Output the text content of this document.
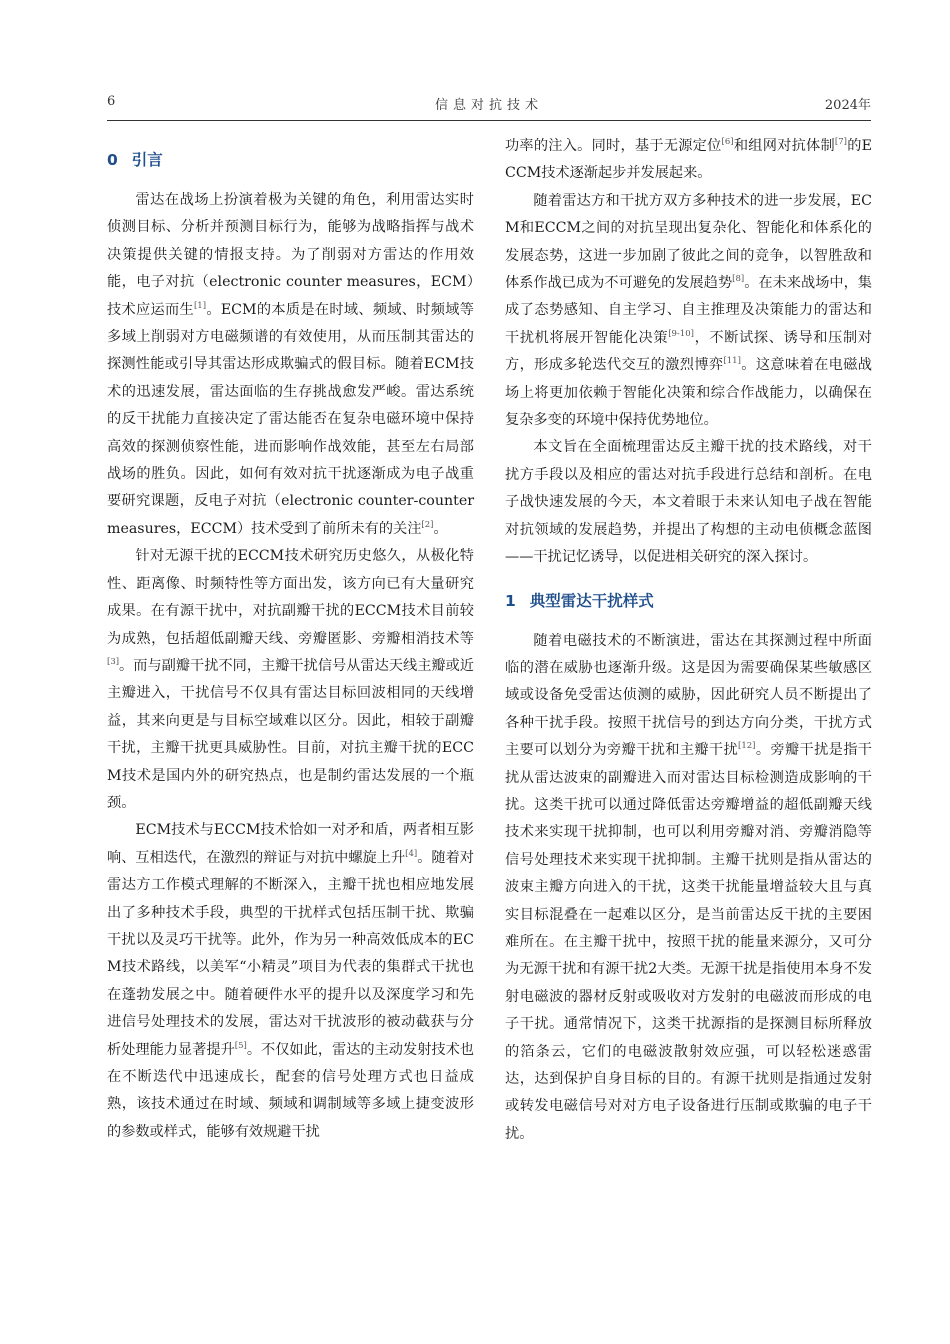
6	信息对抗技术	2024年
0 引言

雷达在战场上扮演着极为关键的角色，利用雷达实时侦测目标、分析并预测目标行为，能够为战略指挥与战术决策提供关键的情报支持。为了削弱对方雷达的作用效能，电子对抗（electronic counter measures，ECM）技术应运而生[1]。ECM的本质是在时域、频域、时频域等多域上削弱对方电磁频谱的有效使用，从而压制其雷达的探测性能或引导其雷达形成欺骗式的假目标。随着ECM技术的迅速发展，雷达面临的生存挑战愈发严峻。雷达系统的反干扰能力直接决定了雷达能否在复杂电磁环境中保持高效的探测侦察性能，进而影响作战效能，甚至左右局部战场的胜负。因此，如何有效对抗干扰逐渐成为电子战重要研究课题，反电子对抗（electronic counter-counter measures，ECCM）技术受到了前所未有的关注[2]。

针对无源干扰的ECCM技术研究历史悠久，从极化特性、距离像、时频特性等方面出发，该方向已有大量研究成果。在有源干扰中，对抗副瓣干扰的ECCM技术目前较为成熟，包括超低副瓣天线、旁瓣匿影、旁瓣相消技术等[3]。而与副瓣干扰不同，主瓣干扰信号从雷达天线主瓣或近主瓣进入，干扰信号不仅具有雷达目标回波相同的天线增益，其来向更是与目标空域难以区分。因此，相较于副瓣干扰，主瓣干扰更具威胁性。目前，对抗主瓣干扰的ECCM技术是国内外的研究热点，也是制约雷达发展的一个瓶颈。

ECM技术与ECCM技术恰如一对矛和盾，两者相互影响、互相迭代，在激烈的辩证与对抗中螺旋上升[4]。随着对雷达方工作模式理解的不断深入，主瓣干扰也相应地发展出了多种技术手段，典型的干扰样式包括压制干扰、欺骗干扰以及灵巧干扰等。此外，作为另一种高效低成本的ECM技术路线，以美军“小精灵”项目为代表的集群式干扰也在蓬勃发展之中。随着硬件水平的提升以及深度学习和先进信号处理技术的发展，雷达对干扰波形的被动截获与分析处理能力显著提升[5]。不仅如此，雷达的主动发射技术也在不断迭代中迅速成长，配套的信号处理方式也日益成熟，该技术通过在时域、频域和调制域等多域上捷变波形的参数或样式，能够有效规避干扰

功率的注入。同时，基于无源定位[6]和组网对抗体制[7]的ECCM技术逐渐起步并发展起来。

随着雷达方和干扰方双方多种技术的进一步发展，ECM和ECCM之间的对抗呈现出复杂化、智能化和体系化的发展态势，这进一步加剧了彼此之间的竞争，以智胜敌和体系作战已成为不可避免的发展趋势[8]。在未来战场中，集成了态势感知、自主学习、自主推理及决策能力的雷达和干扰机将展开智能化决策[9-10]，不断试探、诱导和压制对方，形成多轮迭代交互的激烈博弈[11]。这意味着在电磁战场上将更加依赖于智能化决策和综合作战能力，以确保在复杂多变的环境中保持优势地位。

本文旨在全面梳理雷达反主瓣干扰的技术路线，对干扰方手段以及相应的雷达对抗手段进行总结和剖析。在电子战快速发展的今天，本文着眼于未来认知电子战在智能对抗领域的发展趋势，并提出了构想的主动电侦概念蓝图——干扰记忆诱导，以促进相关研究的深入探讨。

1 典型雷达干扰样式

随着电磁技术的不断演进，雷达在其探测过程中所面临的潜在威胁也逐渐升级。这是因为需要确保某些敏感区域或设备免受雷达侦测的威胁，因此研究人员不断提出了各种干扰手段。按照干扰信号的到达方向分类，干扰方式主要可以划分为旁瓣干扰和主瓣干扰[12]。旁瓣干扰是指干扰从雷达波束的副瓣进入而对雷达目标检测造成影响的干扰。这类干扰可以通过降低雷达旁瓣增益的超低副瓣天线技术来实现干扰抑制，也可以利用旁瓣对消、旁瓣消隐等信号处理技术来实现干扰抑制。主瓣干扰则是指从雷达的波束主瓣方向进入的干扰，这类干扰能量增益较大且与真实目标混叠在一起难以区分，是当前雷达反干扰的主要困难所在。在主瓣干扰中，按照干扰的能量来源分，又可分为无源干扰和有源干扰2大类。无源干扰是指使用本身不发射电磁波的器材反射或吸收对方发射的电磁波而形成的电子干扰。通常情况下，这类干扰源指的是探测目标所释放的箔条云，它们的电磁波散射效应强，可以轻松迷惑雷达，达到保护自身目标的目的。有源干扰则是指通过发射或转发电磁信号对对方电子设备进行压制或欺骗的电子干扰。
